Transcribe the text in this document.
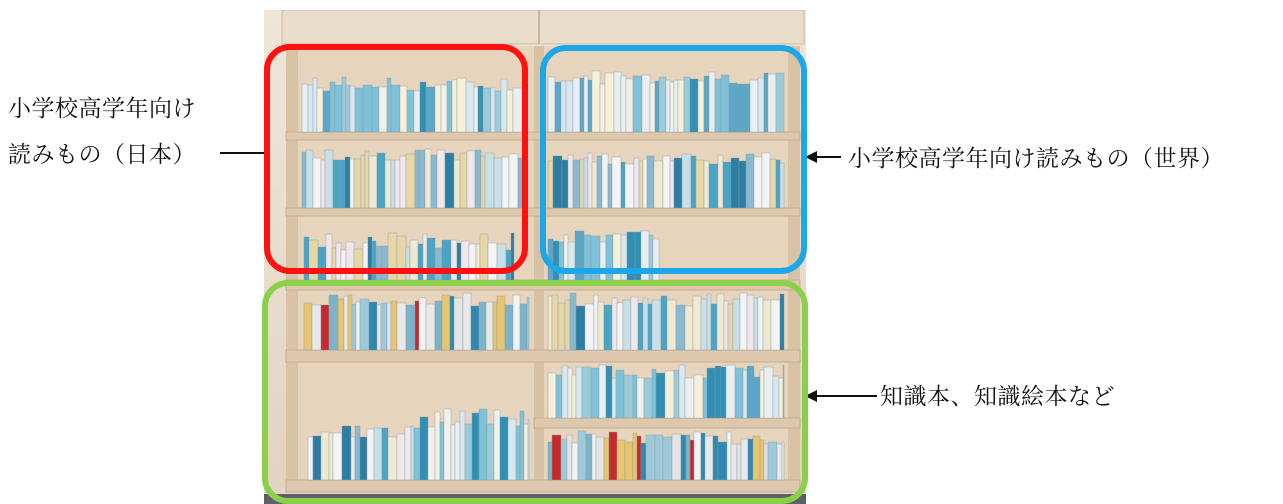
小学校高学年向け
読みもの（日本）	小学校高学年向け読みもの（世界）
知識本、知識絵本など
